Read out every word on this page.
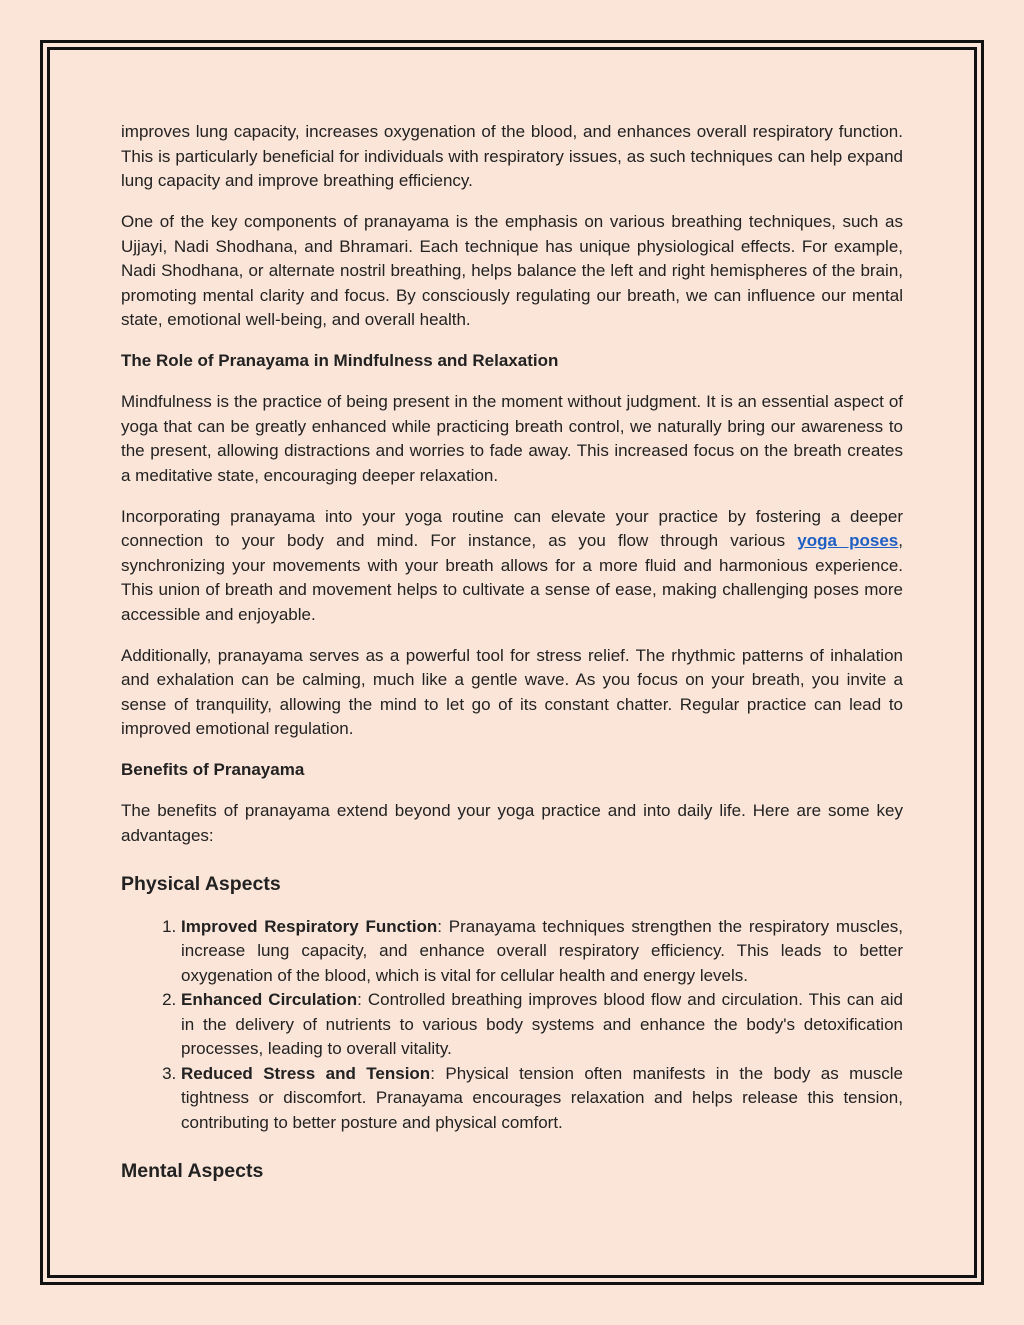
improves lung capacity, increases oxygenation of the blood, and enhances overall respiratory function. This is particularly beneficial for individuals with respiratory issues, as such techniques can help expand lung capacity and improve breathing efficiency.

One of the key components of pranayama is the emphasis on various breathing techniques, such as Ujjayi, Nadi Shodhana, and Bhramari. Each technique has unique physiological effects. For example, Nadi Shodhana, or alternate nostril breathing, helps balance the left and right hemispheres of the brain, promoting mental clarity and focus. By consciously regulating our breath, we can influence our mental state, emotional well-being, and overall health.

The Role of Pranayama in Mindfulness and Relaxation

Mindfulness is the practice of being present in the moment without judgment. It is an essential aspect of yoga that can be greatly enhanced while practicing breath control, we naturally bring our awareness to the present, allowing distractions and worries to fade away. This increased focus on the breath creates a meditative state, encouraging deeper relaxation.

Incorporating pranayama into your yoga routine can elevate your practice by fostering a deeper connection to your body and mind. For instance, as you flow through various yoga poses, synchronizing your movements with your breath allows for a more fluid and harmonious experience. This union of breath and movement helps to cultivate a sense of ease, making challenging poses more accessible and enjoyable.

Additionally, pranayama serves as a powerful tool for stress relief. The rhythmic patterns of inhalation and exhalation can be calming, much like a gentle wave. As you focus on your breath, you invite a sense of tranquility, allowing the mind to let go of its constant chatter. Regular practice can lead to improved emotional regulation.

Benefits of Pranayama

The benefits of pranayama extend beyond your yoga practice and into daily life. Here are some key advantages:

Physical Aspects
1. Improved Respiratory Function: Pranayama techniques strengthen the respiratory muscles, increase lung capacity, and enhance overall respiratory efficiency. This leads to better oxygenation of the blood, which is vital for cellular health and energy levels.
2. Enhanced Circulation: Controlled breathing improves blood flow and circulation. This can aid in the delivery of nutrients to various body systems and enhance the body's detoxification processes, leading to overall vitality.
3. Reduced Stress and Tension: Physical tension often manifests in the body as muscle tightness or discomfort. Pranayama encourages relaxation and helps release this tension, contributing to better posture and physical comfort.
Mental Aspects
